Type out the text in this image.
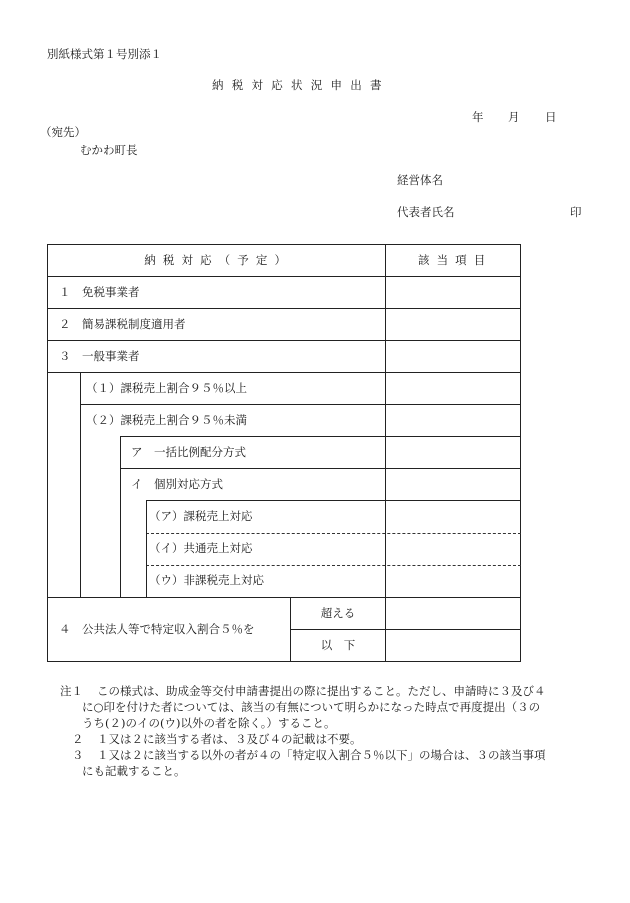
別紙様式第１号別添１
納 税 対 応 状 況 申 出 書
年 月 日
（宛先）
むかわ町長
経営体名
代表者氏名	印
納 税 対 応 （ 予 定 ）	該 当 項 目
１　免税事業者
２　簡易課税制度適用者
３　一般事業者
（１）課税売上割合９５％以上
（２）課税売上割合９５％未満
ア　一括比例配分方式
イ　個別対応方式
（ア）課税売上対応
（イ）共通売上対応
（ウ）非課税売上対応
４　公共法人等で特定収入割合５％を
超える
以　下
注１ この様式は、助成金等交付申請書提出の際に提出すること。ただし、申請時に３及び４

に○印を付けた者については、該当の有無について明らかになった時点で再度提出（３の

うち(２)のイの(ウ)以外の者を除く。）すること。

２ １又は２に該当する者は、３及び４の記載は不要。

３ １又は２に該当する以外の者が４の「特定収入割合５％以下」の場合は、３の該当事項

にも記載すること。
